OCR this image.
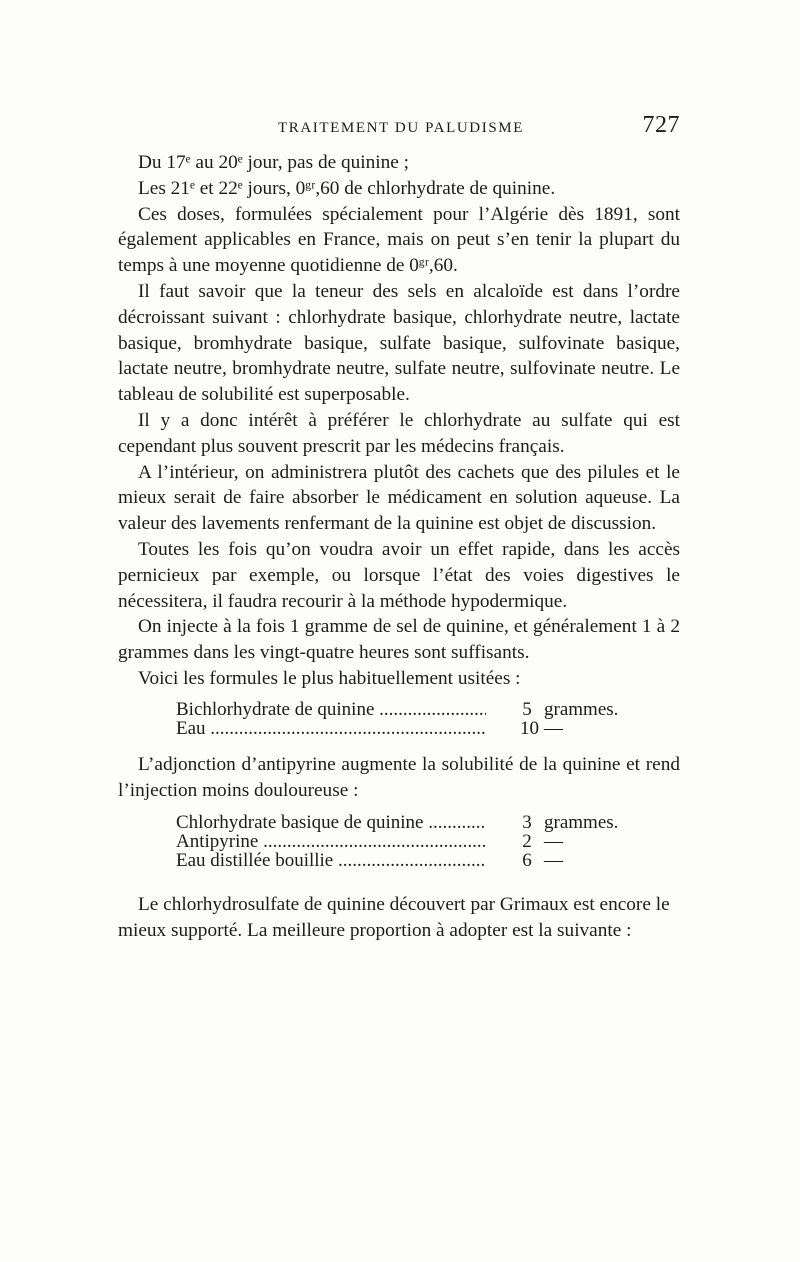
TRAITEMENT DU PALUDISME	727

Du 17ᵉ au 20ᵉ jour, pas de quinine ;

Les 21ᵉ et 22ᵉ jours, 0ᵍʳ,60 de chlorhydrate de quinine.

Ces doses, formulées spécialement pour l’Algérie dès 1891, sont également applicables en France, mais on peut s’en tenir la plupart du temps à une moyenne quotidienne de 0ᵍʳ,60.

Il faut savoir que la teneur des sels en alcaloïde est dans l’ordre décroissant suivant : chlorhydrate basique, chlorhydrate neutre, lactate basique, bromhydrate basique, sulfate basique, sulfovinate basique, lactate neutre, bromhydrate neutre, sulfate neutre, sulfovinate neutre. Le tableau de solubilité est superposable.

Il y a donc intérêt à préférer le chlorhydrate au sulfate qui est cependant plus souvent prescrit par les médecins français.

A l’intérieur, on administrera plutôt des cachets que des pilules et le mieux serait de faire absorber le médicament en solution aqueuse. La valeur des lavements renfermant de la quinine est objet de discussion.

Toutes les fois qu’on voudra avoir un effet rapide, dans les accès pernicieux par exemple, ou lorsque l’état des voies digestives le nécessitera, il faudra recourir à la méthode hypodermique.

On injecte à la fois 1 gramme de sel de quinine, et généralement 1 à 2 grammes dans les vingt-quatre heures sont suffisants.

Voici les formules le plus habituellement usitées :

Bichlorhydrate de quinine .....	5 grammes.
Eau .....	10 —

L’adjonction d’antipyrine augmente la solubilité de la quinine et rend l’injection moins douloureuse :

Chlorhydrate basique de quinine .....	3 grammes.
Antipyrine .....	2 —
Eau distillée bouillie .....	6 —

Le chlorhydrosulfate de quinine découvert par Grimaux est encore le mieux supporté. La meilleure proportion à adopter est la suivante :
